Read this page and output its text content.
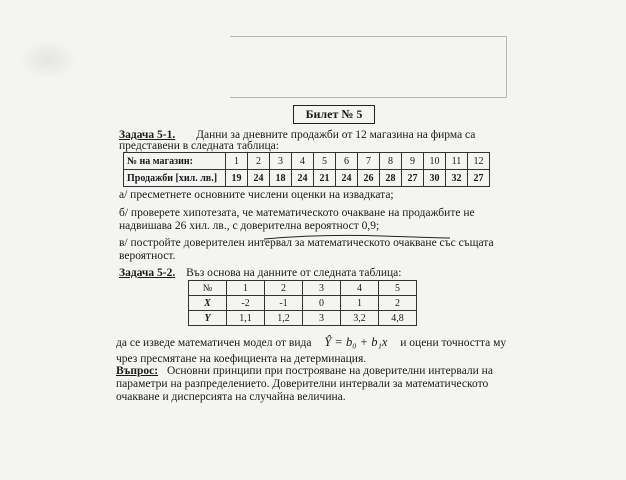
Билет № 5
Задача 5-1. Данни за дневните продажби от 12 магазина на фирма са
представени в следната таблица:
№ на магазин:	1	2	3	4	5	6	7	8	9	10	11	12
Продажби [хил. лв.]	19	24	18	24	21	24	26	28	27	30	32	27
а/ пресметнете основните числени оценки на извадката;
б/ проверете хипотезата, че математическото очакване на продажбите не
надвишава 26 хил. лв., с доверителна вероятност 0,9;
в/ постройте доверителен интервал за математическото очакване със същата
вероятност.
Задача 5-2. Въз основа на данните от следната таблица:
№	1	2	3	4	5
X	-2	-1	0	1	2
Y	1,1	1,2	3	3,2	4,8
да се изведе математичен модел от вида Ŷ = b₀ + b₁x и оцени точността му
чрез пресмятане на коефициента на детерминация.
Въпрос: Основни принципи при построяване на доверителни интервали на
параметри на разпределението. Доверителни интервали за математическото
очакване и дисперсията на случайна величина.
